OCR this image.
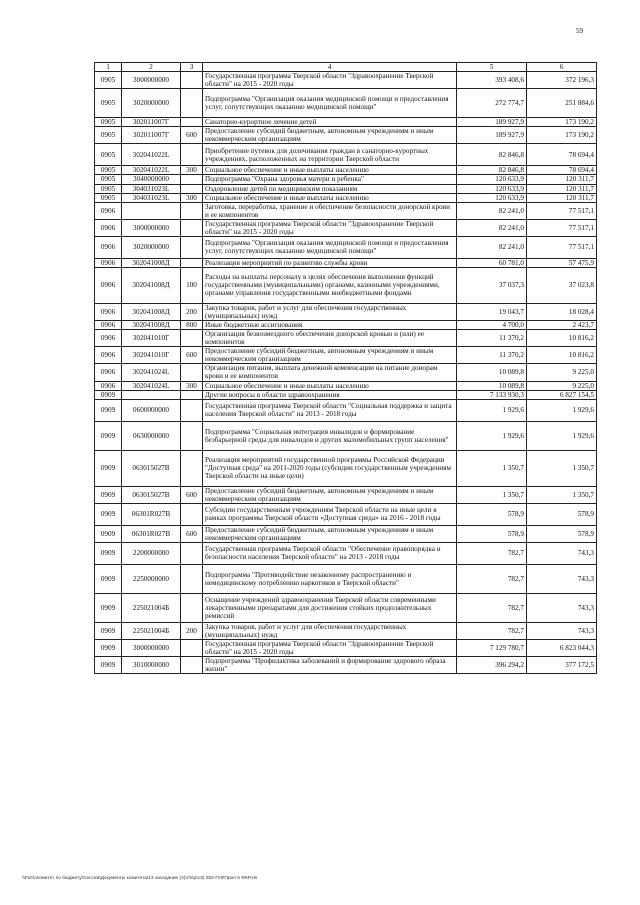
59
1	2	3	4	5	6
0905	3000000000		Государственная программа Тверской области "Здравоохранение Тверской области" на 2015 - 2020 годы	393 408,6	372 196,3
0905	3020000000		Подпрограмма "Организация оказания медицинской помощи и предоставления услуг, сопутствующих оказанию медицинской помощи"	272 774,7	251 884,6
0905	302011007Г		Санаторно-курортное лечение детей	189 927,9	173 190,2
0905	302011007Г	600	Предоставление субсидий бюджетным, автономным учреждениям и иным некоммерческим организациям	189 927,9	173 190,2
0905	302041022L		Приобретение путевок для долечивания граждан в санаторно-курортных учреждениях, расположенных на территории Тверской области	82 846,8	78 694,4
0905	302041022L	300	Социальное обеспечение и иные выплаты населению	82 846,8	78 694,4
0905	3040000000		Подпрограмма "Охрана здоровья матери и ребенка"	120 633,9	120 311,7
0905	304031023L		Оздоровление детей по медицинским показаниям	120 633,9	120 311,7
0905	304031023L	300	Социальное обеспечение и иные выплаты населению	120 633,9	120 311,7
0906			Заготовка, переработка, хранение и обеспечение безопасности донорской крови и ее компонентов	82 241,0	77 517,1
0906	3000000000		Государственная программа Тверской области "Здравоохранение Тверской области" на 2015 - 2020 годы	82 241,0	77 517,1
0906	3020000000		Подпрограмма "Организация оказания медицинской помощи и предоставления услуг, сопутствующих оказанию медицинской помощи"	82 241,0	77 517,1
0906	302041008Д		Реализация мероприятий по развитию службы крови	60 781,0	57 475,9
0906	302041008Д	100	Расходы на выплаты персоналу в целях обеспечения выполнения функций государственными (муниципальными) органами, казенными учреждениями, органами управления государственными внебюджетными фондами	37 037,3	37 023,8
0906	302041008Д	200	Закупка товаров, работ и услуг для обеспечения государственных (муниципальных) нужд	19 043,7	18 028,4
0906	302041008Д	800	Иные бюджетные ассигнования	4 700,0	2 423,7
0906	302041010Г		Организация безвозмездного обеспечения донорской кровью и (или) ее компонентов	11 370,2	10 816,2
0906	302041010Г	600	Предоставление субсидий бюджетным, автономным учреждениям и иным некоммерческим организациям	11 370,2	10 816,2
0906	302041024L		Организация питания, выплата денежной компенсации на питание донорам крови и ее компонентов	10 089,8	9 225,0
0906	302041024L	300	Социальное обеспечение и иные выплаты населению	10 089,8	9 225,0
0909			Другие вопросы в области здравоохранения	7 133 930,3	6 827 154,5
0909	0600000000		Государственная программа Тверской области "Социальная поддержка и защита населения Тверской области" на 2013 - 2018 годы	1 929,6	1 929,6
0909	0630000000		Подпрограмма "Социальная интеграция инвалидов и формирование безбарьерной среды для инвалидов и других маломобильных групп населения"	1 929,6	1 929,6
0909	063015027В		Реализация мероприятий государственной программы Российской Федерации "Доступная среда" на 2011-2020 годы (субсидии государственным учреждениям Тверской области на иные цели)	1 350,7	1 350,7
0909	063015027В	600	Предоставление субсидий бюджетным, автономным учреждениям и иным некоммерческим организациям	1 350,7	1 350,7
0909	06301R027В		Субсидии государственным учреждениям Тверской области на иные цели в рамках программы Тверской области «Доступная среда» на 2016 - 2018 годы	578,9	578,9
0909	06301R027В	600	Предоставление субсидий бюджетным, автономным учреждениям и иным некоммерческим организациям	578,9	578,9
0909	2200000000		Государственная программа Тверской области "Обеспечение правопорядка и безопасности населения Тверской области" на 2013 - 2018 годы	782,7	743,3
0909	2250000000		Подпрограмма "Противодействие незаконному распространению и немедицинскому потреблению наркотиков в Тверской области"	782,7	743,3
0909	225021004Б		Оснащение учреждений здравоохранения Тверской области современными лекарственными препаратами для достижения стойких продолжительных ремиссий	782,7	743,3
0909	225021004Б	200	Закупка товаров, работ и услуг для обеспечения государственных (муниципальных) нужд	782,7	743,3
0909	3000000000		Государственная программа Тверской области "Здравоохранение Тверской области" на 2015 - 2020 годы	7 129 780,7	6 823 044,3
0909	3010000000		Подпрограмма "Профилактика заболеваний и формирование здорового образа жизни"	396 294,2	377 172,5
\\Fs01\комитет по бюджету\Сессии\Документы комитета\13 заседание (4)\л\пр\13) 282-П-8\Прил 5 ФКР.xls
